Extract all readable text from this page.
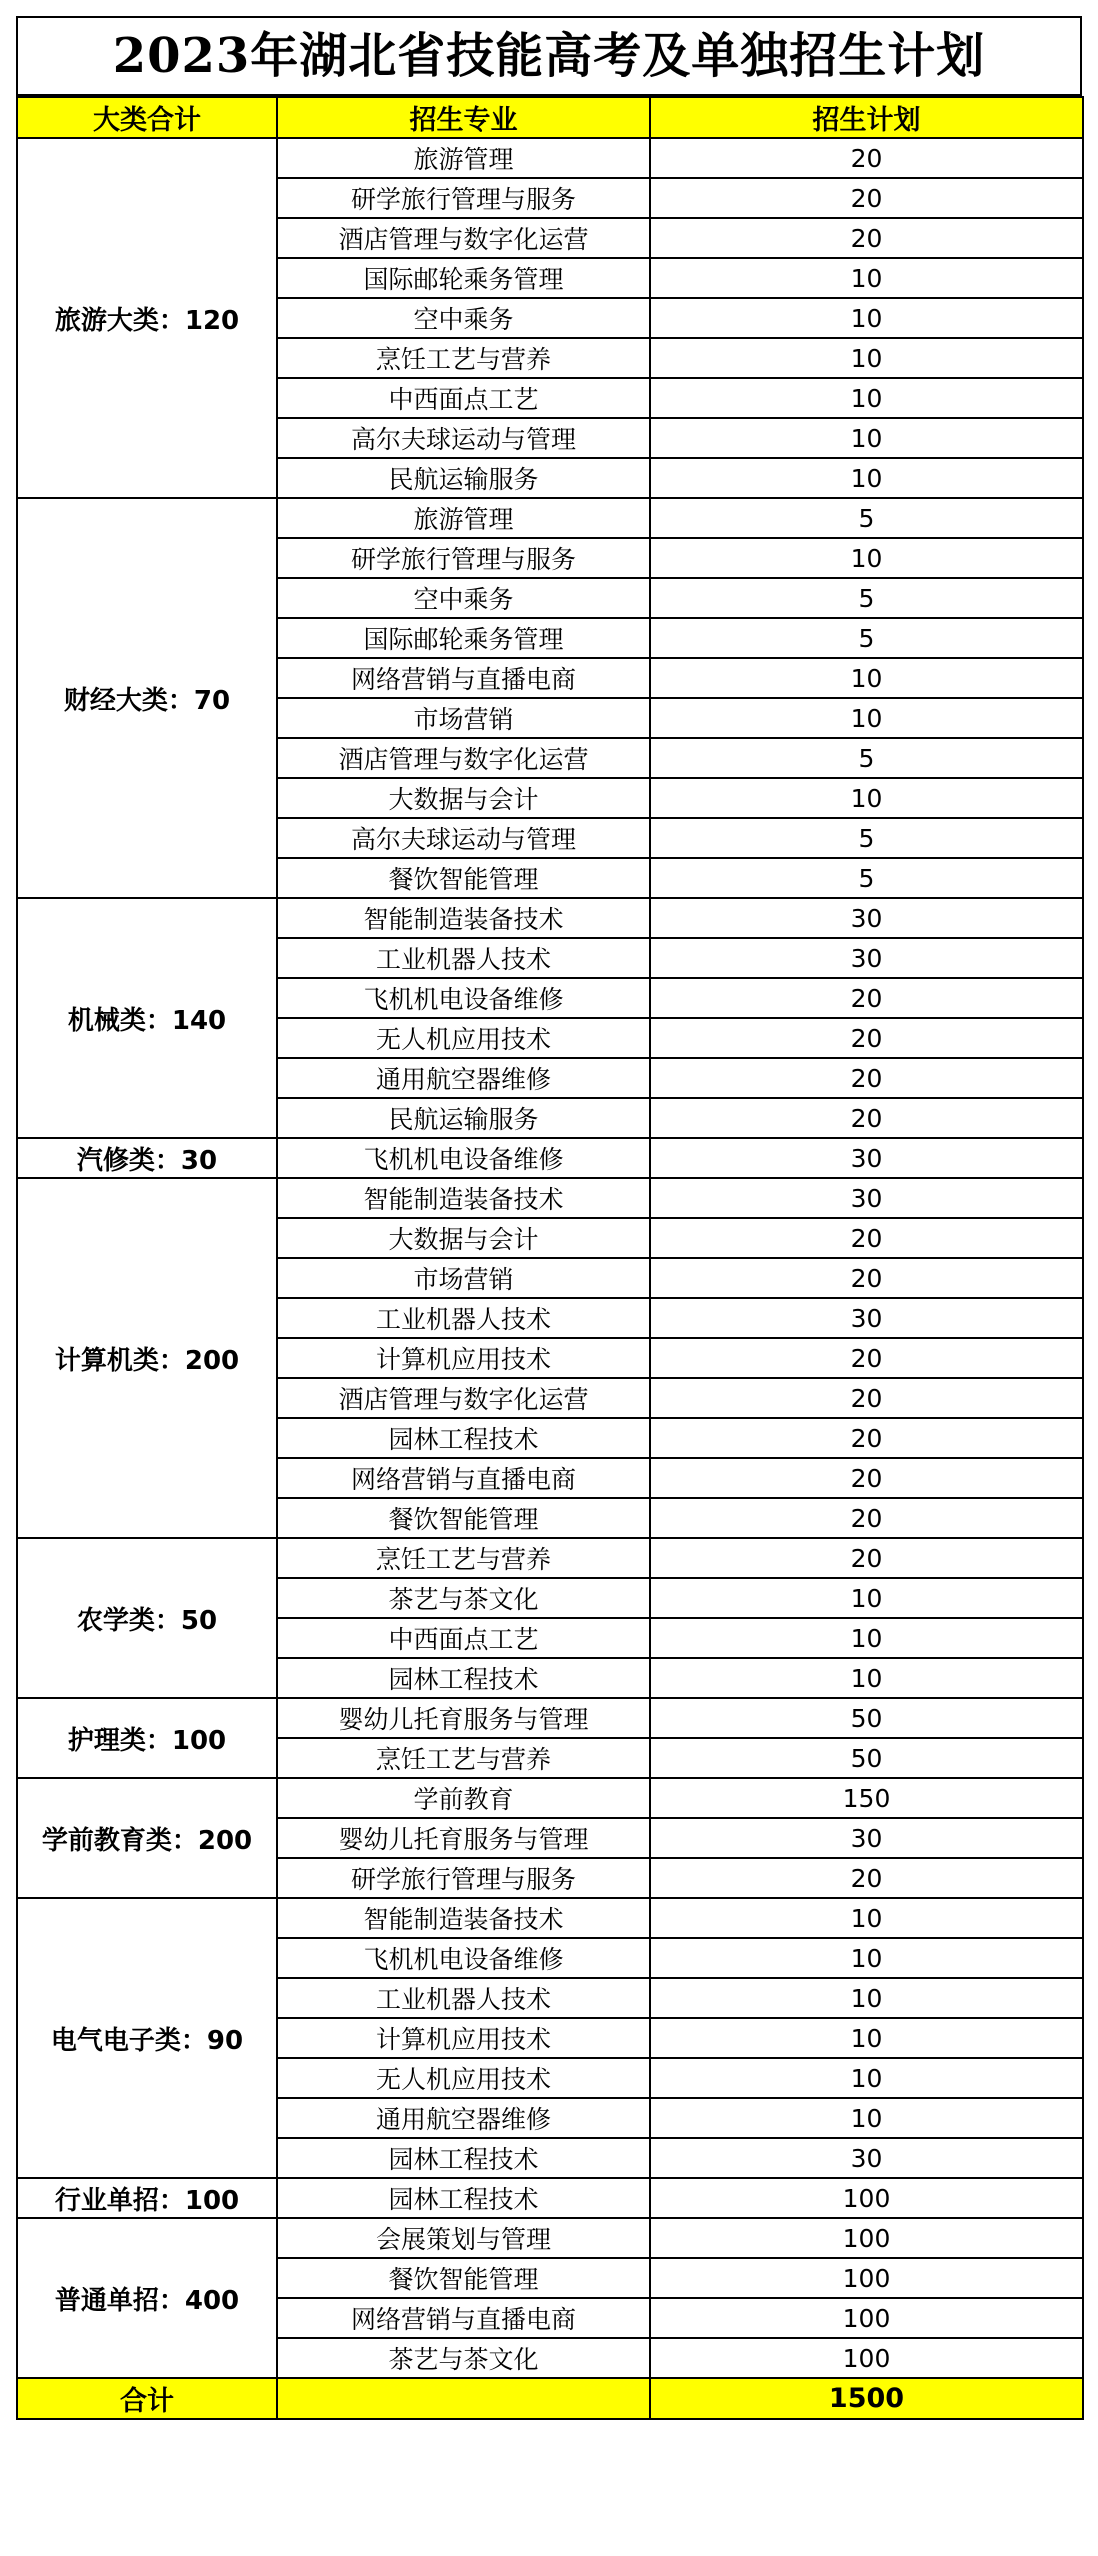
2023年湖北省技能高考及单独招生计划
大类合计	招生专业	招生计划
旅游大类：120	旅游管理	20
	研学旅行管理与服务	20
	酒店管理与数字化运营	20
	国际邮轮乘务管理	10
	空中乘务	10
	烹饪工艺与营养	10
	中西面点工艺	10
	高尔夫球运动与管理	10
	民航运输服务	10
财经大类：70	旅游管理	5
	研学旅行管理与服务	10
	空中乘务	5
	国际邮轮乘务管理	5
	网络营销与直播电商	10
	市场营销	10
	酒店管理与数字化运营	5
	大数据与会计	10
	高尔夫球运动与管理	5
	餐饮智能管理	5
机械类：140	智能制造装备技术	30
	工业机器人技术	30
	飞机机电设备维修	20
	无人机应用技术	20
	通用航空器维修	20
	民航运输服务	20
汽修类：30	飞机机电设备维修	30
计算机类：200	智能制造装备技术	30
	大数据与会计	20
	市场营销	20
	工业机器人技术	30
	计算机应用技术	20
	酒店管理与数字化运营	20
	园林工程技术	20
	网络营销与直播电商	20
	餐饮智能管理	20
农学类：50	烹饪工艺与营养	20
	茶艺与茶文化	10
	中西面点工艺	10
	园林工程技术	10
护理类：100	婴幼儿托育服务与管理	50
	烹饪工艺与营养	50
学前教育类：200	学前教育	150
	婴幼儿托育服务与管理	30
	研学旅行管理与服务	20
电气电子类：90	智能制造装备技术	10
	飞机机电设备维修	10
	工业机器人技术	10
	计算机应用技术	10
	无人机应用技术	10
	通用航空器维修	10
	园林工程技术	30
行业单招：100	园林工程技术	100
普通单招：400	会展策划与管理	100
	餐饮智能管理	100
	网络营销与直播电商	100
	茶艺与茶文化	100
合计		1500
